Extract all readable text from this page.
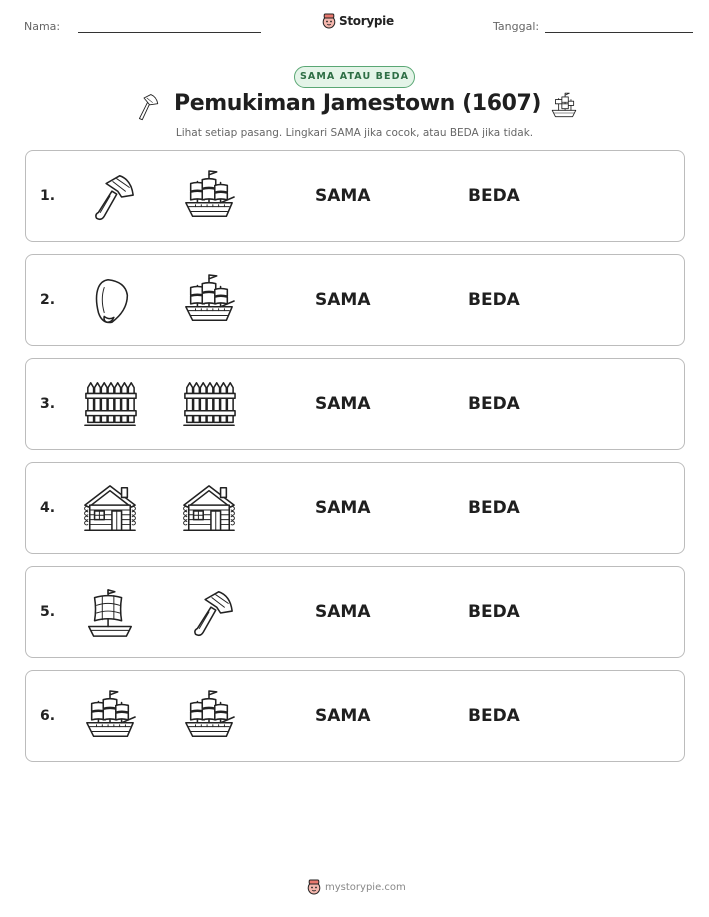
Nama:	Storypie	Tanggal:
SAMA ATAU BEDA
Pemukiman Jamestown (1607)
Lihat setiap pasang. Lingkari SAMA jika cocok, atau BEDA jika tidak.
1.	SAMA	BEDA
2.	SAMA	BEDA
3.	SAMA	BEDA
4.	SAMA	BEDA
5.	SAMA	BEDA
6.	SAMA	BEDA
mystorypie.com
